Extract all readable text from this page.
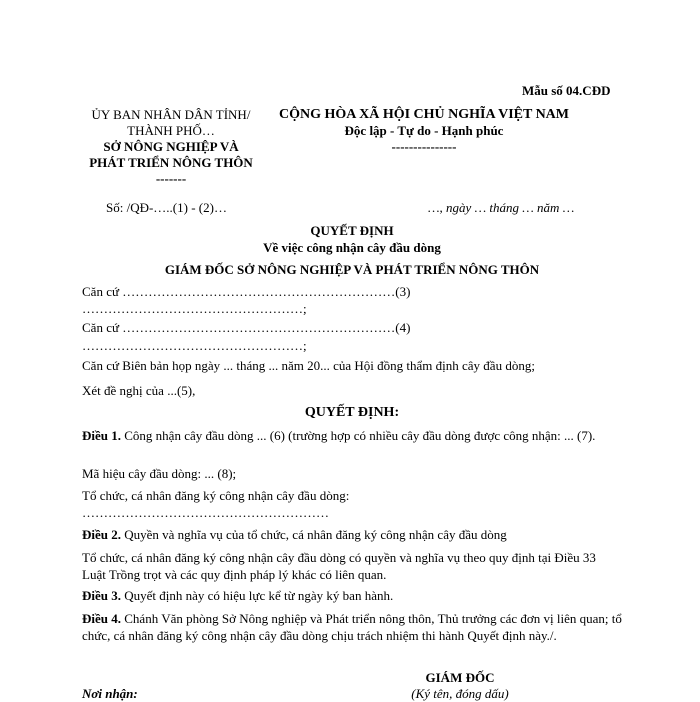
Mẫu số 04.CĐD
ỦY BAN NHÂN DÂN TỈNH/
THÀNH PHỐ…
SỞ NÔNG NGHIỆP VÀ
PHÁT TRIỂN NÔNG THÔN
-------
CỘNG HÒA XÃ HỘI CHỦ NGHĨA VIỆT NAM
Độc lập - Tự do - Hạnh phúc
---------------
Số: /QĐ-…..(1) - (2)…	…, ngày … tháng … năm …
QUYẾT ĐỊNH
Về việc công nhận cây đầu dòng
GIÁM ĐỐC SỞ NÔNG NGHIỆP VÀ PHÁT TRIỂN NÔNG THÔN
Căn cứ ………………………………………………………(3)
……………………………………………;
Căn cứ ………………………………………………………(4)
……………………………………………;
Căn cứ Biên bản họp ngày ... tháng ... năm 20... của Hội đồng thẩm định cây đầu dòng;
Xét đề nghị của ...(5),
QUYẾT ĐỊNH:
Điều 1. Công nhận cây đầu dòng ... (6) (trường hợp có nhiều cây đầu dòng được công nhận: ... (7).
Mã hiệu cây đầu dòng: ... (8);
Tổ chức, cá nhân đăng ký công nhận cây đầu dòng: …………………………………………………
Điều 2. Quyền và nghĩa vụ của tổ chức, cá nhân đăng ký công nhận cây đầu dòng
Tổ chức, cá nhân đăng ký công nhận cây đầu dòng có quyền và nghĩa vụ theo quy định tại Điều 33 Luật Trồng trọt và các quy định pháp lý khác có liên quan.
Điều 3. Quyết định này có hiệu lực kể từ ngày ký ban hành.
Điều 4. Chánh Văn phòng Sở Nông nghiệp và Phát triển nông thôn, Thủ trưởng các đơn vị liên quan; tổ chức, cá nhân đăng ký công nhận cây đầu dòng chịu trách nhiệm thi hành Quyết định này./.
GIÁM ĐỐC
(Ký tên, đóng dấu)
Nơi nhận:
